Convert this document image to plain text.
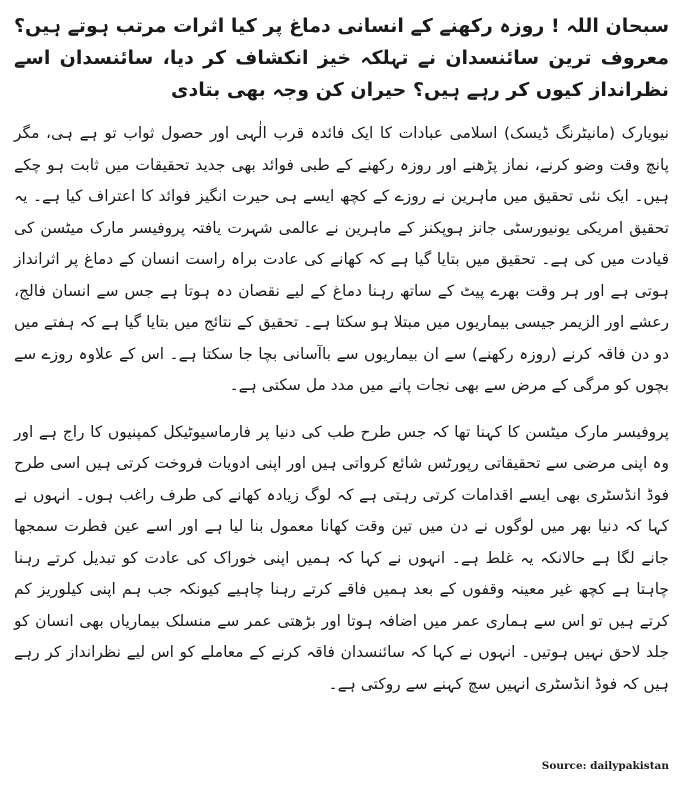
سبحان اللہ ! روزہ رکھنے کے انسانی دماغ پر کیا اثرات مرتب ہوتے ہیں؟ معروف ترین سائنسدان نے تہلکہ خیز انکشاف کر دیا، سائنسدان اسے نظرانداز کیوں کر رہے ہیں؟ حیران کن وجہ بھی بتادی

نیویارک (مانیٹرنگ ڈیسک) اسلامی عبادات کا ایک فائدہ قرب الٰہی اور حصول ثواب تو ہے ہی، مگر پانچ وقت وضو کرنے، نماز پڑھنے اور روزہ رکھنے کے طبی فوائد بھی جدید تحقیقات میں ثابت ہو چکے ہیں۔ ایک نئی تحقیق میں ماہرین نے روزے کے کچھ ایسے ہی حیرت انگیز فوائد کا اعتراف کیا ہے۔ یہ تحقیق امریکی یونیورسٹی جانز ہوپکنز کے ماہرین نے عالمی شہرت یافتہ پروفیسر مارک میٹسن کی قیادت میں کی ہے۔ تحقیق میں بتایا گیا ہے کہ کھانے کی عادت براہ راست انسان کے دماغ پر اثرانداز ہوتی ہے اور ہر وقت بھرے پیٹ کے ساتھ رہنا دماغ کے لیے نقصان دہ ہوتا ہے جس سے انسان فالج، رعشے اور الزیمر جیسی بیماریوں میں مبتلا ہو سکتا ہے۔ تحقیق کے نتائج میں بتایا گیا ہے کہ ہفتے میں دو دن فاقہ کرنے (روزہ رکھنے) سے ان بیماریوں سے باآسانی بچا جا سکتا ہے۔ اس کے علاوہ روزے سے بچوں کو مرگی کے مرض سے بھی نجات پانے میں مدد مل سکتی ہے۔

پروفیسر مارک میٹسن کا کہنا تھا کہ جس طرح طب کی دنیا پر فارماسیوٹیکل کمپنیوں کا راج ہے اور وہ اپنی مرضی سے تحقیقاتی رپورٹس شائع کرواتی ہیں اور اپنی ادویات فروخت کرتی ہیں اسی طرح فوڈ انڈسٹری بھی ایسے اقدامات کرتی رہتی ہے کہ لوگ زیادہ کھانے کی طرف راغب ہوں۔ انہوں نے کہا کہ دنیا بھر میں لوگوں نے دن میں تین وقت کھانا معمول بنا لیا ہے اور اسے عین فطرت سمجھا جانے لگا ہے حالانکہ یہ غلط ہے۔ انہوں نے کہا کہ ہمیں اپنی خوراک کی عادت کو تبدیل کرتے رہنا چاہتا ہے کچھ غیر معینہ وقفوں کے بعد ہمیں فاقے کرتے رہنا چاہیے کیونکہ جب ہم اپنی کیلوریز کم کرتے ہیں تو اس سے ہماری عمر میں اضافہ ہوتا اور بڑھتی عمر سے منسلک بیماریاں بھی انسان کو جلد لاحق نہیں ہوتیں۔ انہوں نے کہا کہ سائنسدان فاقہ کرنے کے معاملے کو اس لیے نظرانداز کر رہے ہیں کہ فوڈ انڈسٹری انہیں سچ کہنے سے روکتی ہے۔

Source: dailypakistan
